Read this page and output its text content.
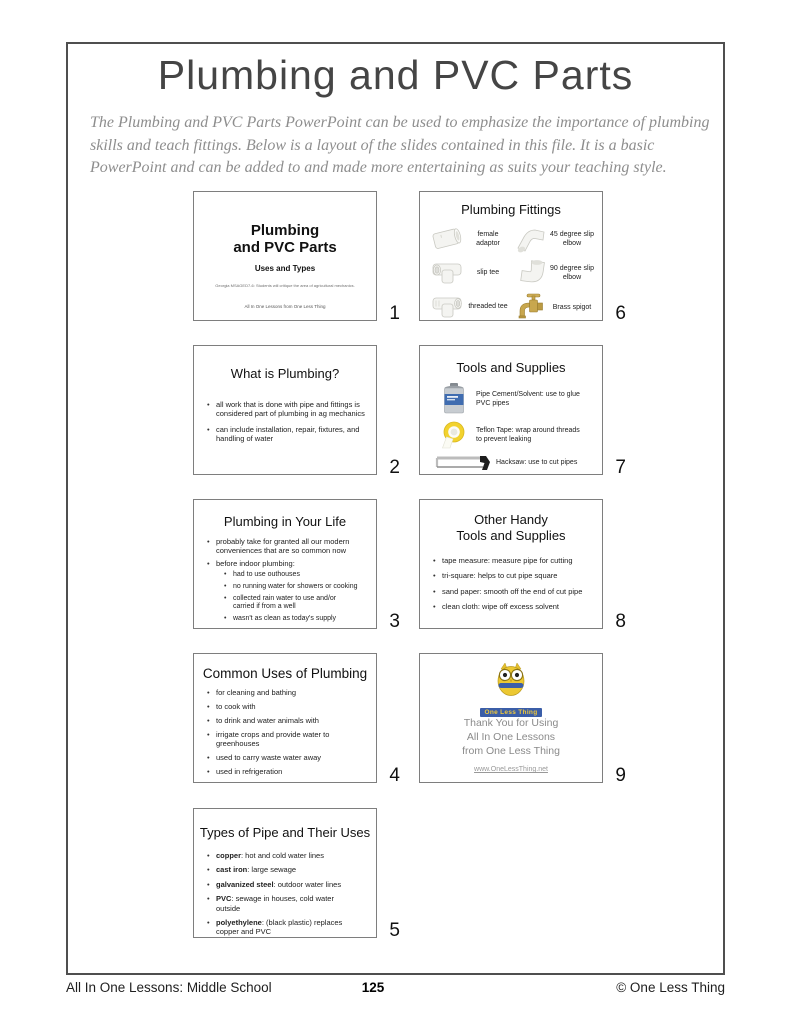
Plumbing and PVC Parts
The Plumbing and PVC Parts PowerPoint can be used to emphasize the importance of plumbing skills and teach fittings. Below is a layout of the slides contained in this file. It is a basic PowerPoint and can be added to and made more entertaining as suits your teaching style.
Plumbing
and PVC Parts
Uses and Types
Georgia MSAGED7-6: Students will critique the area of agricultural mechanics.
All In One Lessons from One Less Thing	1
Plumbing Fittings
female adaptor
slip tee
threaded tee
45 degree slip elbow
90 degree slip elbow
Brass spigot 6
What is Plumbing?
• all work that is done with pipe and fittings is considered part of plumbing in ag mechanics
• can include installation, repair, fixtures, and handling of water
2
Tools and Supplies
Pipe Cement/Solvent: use to glue PVC pipes
Teflon Tape: wrap around threads to prevent leaking
Hacksaw: use to cut pipes	7
Plumbing in Your Life
• probably take for granted all our modern conveniences that are so common now
• before indoor plumbing:
• had to use outhouses
• no running water for showers or cooking
• collected rain water to use and/or carried if from a well
• wasn't as clean as today's supply	3
Other Handy
Tools and Supplies
• tape measure: measure pipe for cutting
• tri-square: helps to cut pipe square
• sand paper: smooth off the end of cut pipe
• clean cloth: wipe off excess solvent
8
Common Uses of Plumbing
• for cleaning and bathing
• to cook with
• to drink and water animals with
• irrigate crops and provide water to greenhouses
• used to carry waste water away
• used in refrigeration	4
One Less Thing
Thank You for Using
All In One Lessons
from One Less Thing
www.OneLessThing.net	9
Types of Pipe and Their Uses
• copper: hot and cold water lines
• cast iron: large sewage
• galvanized steel: outdoor water lines
• PVC: sewage in houses, cold water outside
• polyethylene: (black plastic) replaces copper and PVC	5
All In One Lessons: Middle School	125	© One Less Thing
